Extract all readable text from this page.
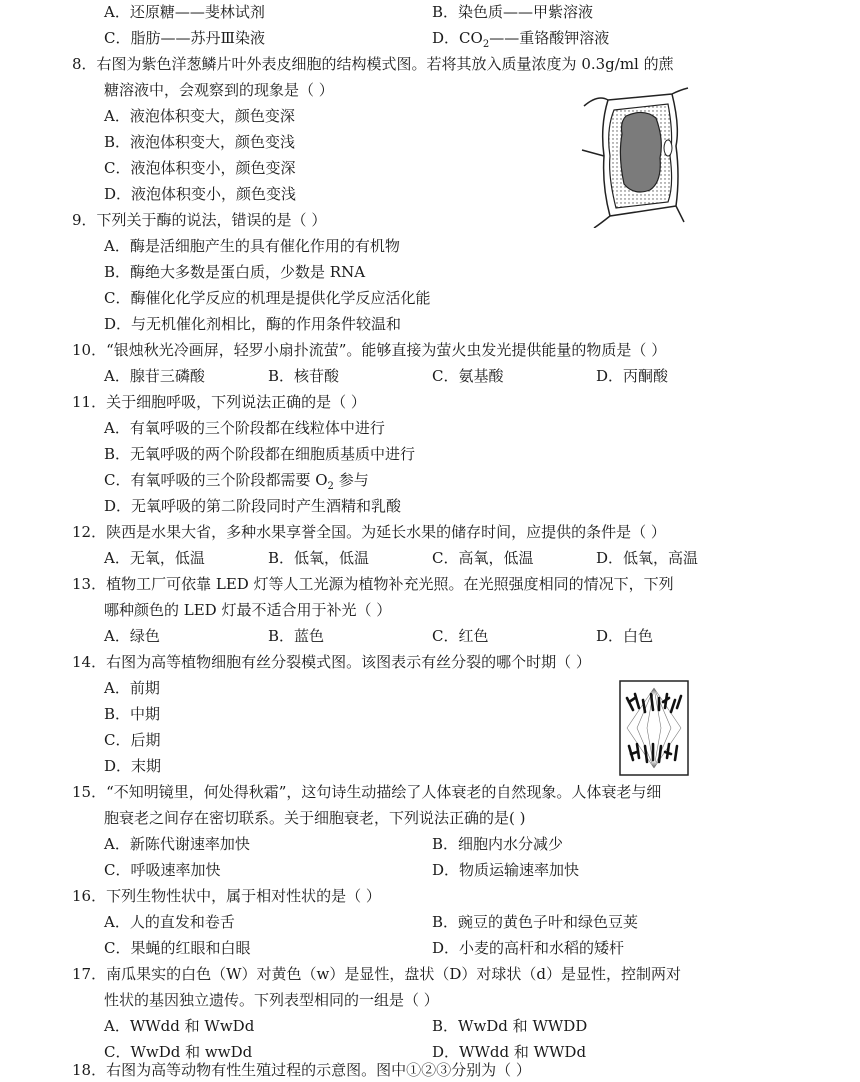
A．还原糖——斐林试剂	B．染色质——甲紫溶液
C．脂肪——苏丹Ⅲ染液	D．$CO_2——$重铬酸钾溶液
8．右图为紫色洋葱鳞片叶外表皮细胞的结构模式图。若将其放入质量浓度为 0.3g/ml 的蔗
糖溶液中，会观察到的现象是（ ）
A．液泡体积变大，颜色变深
B．液泡体积变大，颜色变浅
C．液泡体积变小，颜色变深
D．液泡体积变小，颜色变浅
9．下列关于酶的说法，错误的是（ ）
A．酶是活细胞产生的具有催化作用的有机物
B．酶绝大多数是蛋白质，少数是 RNA
C．酶催化化学反应的机理是提供化学反应活化能
D．与无机催化剂相比，酶的作用条件较温和
10．“银烛秋光冷画屏，轻罗小扇扑流萤”。能够直接为萤火虫发光提供能量的物质是（ ）
A．腺苷三磷酸	B．核苷酸	C．氨基酸	D．丙酮酸
11．关于细胞呼吸，下列说法正确的是（ ）
A．有氧呼吸的三个阶段都在线粒体中进行
B．无氧呼吸的两个阶段都在细胞质基质中进行
C．有氧呼吸的三个阶段都需要 $O_2$ 参与
D．无氧呼吸的第二阶段同时产生酒精和乳酸
12．陕西是水果大省，多种水果享誉全国。为延长水果的储存时间，应提供的条件是（ ）
A．无氧，低温	B．低氧，低温	C．高氧，低温	D．低氧，高温
13．植物工厂可依靠 LED 灯等人工光源为植物补充光照。在光照强度相同的情况下，下列
哪种颜色的 LED 灯最不适合用于补光（ ）
A．绿色	B．蓝色	C．红色	D．白色
14．右图为高等植物细胞有丝分裂模式图。该图表示有丝分裂的哪个时期（ ）
A．前期
B．中期
C．后期
D．末期
15．“不知明镜里，何处得秋霜”，这句诗生动描绘了人体衰老的自然现象。人体衰老与细
胞衰老之间存在密切联系。关于细胞衰老，下列说法正确的是( )
A．新陈代谢速率加快	B．细胞内水分减少
C．呼吸速率加快	D．物质运输速率加快
16．下列生物性状中，属于相对性状的是（ ）
A．人的直发和卷舌	B．豌豆的黄色子叶和绿色豆荚
C．果蝇的红眼和白眼	D．小麦的高杆和水稻的矮杆
17．南瓜果实的白色（W）对黄色（w）是显性，盘状（D）对球状（d）是显性，控制两对
性状的基因独立遗传。下列表型相同的一组是（ ）
A．WWdd 和 WwDd	B．WwDd 和 WWDD
C．WwDd 和 wwDd	D．WWdd 和 WWDd
18．右图为高等动物有性生殖过程的示意图。图中①②③分别为（ ）
